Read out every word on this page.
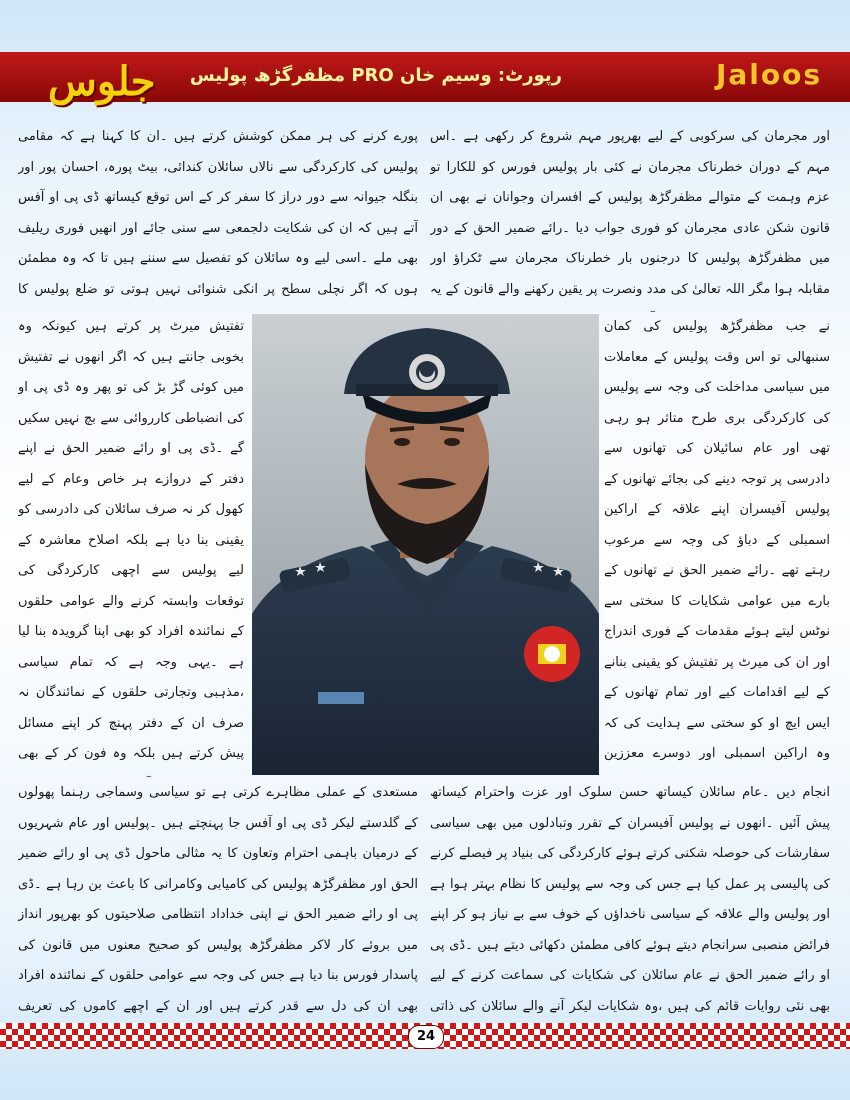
جلوس رپورٹ: وسیم خان PRO مظفرگڑھ پولیس	Jaloos

اور مجرمان کی سرکوبی کے لیے بھرپور مہم شروع کر رکھی ہے ۔اس مہم کے دوران خطرناک مجرمان نے کئی بار پولیس فورس کو للکارا تو عزم وہمت کے متوالے مظفرگڑھ پولیس کے افسران وجوانان نے بھی ان قانون شکن عادی مجرمان کو فوری جواب دیا ۔رائے ضمیر الحق کے دور میں مظفرگڑھ پولیس کا درجنوں بار خطرناک مجرمان سے ٹکراؤ اور مقابلہ ہوا مگر اللہ تعالیٰ کی مدد ونصرت پر یقین رکھنے والے قانون کے یہ

نے جب مظفرگڑھ پولیس کی کمان سنبھالی تو اس وقت پولیس کے معاملات میں سیاسی مداخلت کی وجہ سے پولیس کی کارکردگی بری طرح متاثر ہو رہی تھی اور عام سائیلان کی تھانوں سے دادرسی پر توجہ دینے کی بجائے تھانوں کے پولیس آفیسران اپنے علاقہ کے اراکین اسمبلی کے دباؤ کی وجہ سے مرعوب رہتے تھے ۔رائے ضمیر الحق نے تھانوں کے بارے میں عوامی شکایات کا سختی سے نوٹس لیتے ہوئے مقدمات کے فوری اندراج اور ان کی میرٹ پر تفتیش کو یقینی بنانے کے لیے اقدامات کیے اور تمام تھانوں کے ایس ایچ او کو سختی سے ہدایت کی کہ وہ اراکین اسمبلی اور دوسرے معززین

انجام دیں ۔عام سائلان کیساتھ حسن سلوک اور عزت واحترام کیساتھ پیش آئیں ۔انھوں نے پولیس آفیسران کے تقرر وتبادلوں میں بھی سیاسی سفارشات کی حوصلہ شکنی کرتے ہوئے کارکردگی کی بنیاد پر فیصلے کرنے کی پالیسی پر عمل کیا ہے جس کی وجہ سے پولیس کا نظام بہتر ہوا ہے اور پولیس والے علاقہ کے سیاسی ناخداؤں کے خوف سے بے نیاز ہو کر اپنے فرائض منصبی سرانجام دیتے ہوئے کافی مطمئن دکھائی دیتے ہیں ۔ڈی پی او رائے ضمیر الحق نے عام سائلان کی شکایات کی سماعت کرنے کے لیے بھی نئی روایات قائم کی ہیں ،وہ شکایات لیکر آنے والے سائلان کی ذاتی

پورے کرنے کی ہر ممکن کوشش کرتے ہیں ۔ان کا کہنا ہے کہ مقامی پولیس کی کارکردگی سے نالاں سائلان کندائی، بیٹ پورہ، احسان پور اور بنگلہ جیوانہ سے دور دراز کا سفر کر کے اس توقع کیساتھ ڈی پی او آفس آتے ہیں کہ ان کی شکایت دلجمعی سے سنی جائے اور انھیں فوری ریلیف بھی ملے ۔اسی لیے وہ سائلان کو تفصیل سے سننے ہیں تا کہ وہ مطمئن ہوں کہ اگر نچلی سطح پر انکی شنوائی نہیں ہوتی تو ضلع پولیس کا

تفتیش میرٹ پر کرتے ہیں کیونکہ وہ بخوبی جانتے ہیں کہ اگر انھوں نے تفتیش میں کوئی گڑ بڑ کی تو پھر وہ ڈی پی او کی انضباطی کارروائی سے بچ نہیں سکیں گے ۔ڈی پی او رائے ضمیر الحق نے اپنے دفتر کے دروازے ہر خاص وعام کے لیے کھول کر نہ صرف سائلان کی دادرسی کو یقینی بنا دیا ہے بلکہ اصلاح معاشرہ کے لیے پولیس سے اچھی کارکردگی کی توقعات وابستہ کرنے والے عوامی حلقوں کے نمائندہ افراد کو بھی اپنا گرویدہ بنا لیا ہے ۔یہی وجہ ہے کہ تمام سیاسی ،مذہبی وتجارتی حلقوں کے نمائندگان نہ صرف ان کے دفتر پہنچ کر اپنے مسائل پیش کرتے ہیں بلکہ وہ فون کر کے بھی

مستعدی کے عملی مظاہرے کرتی ہے تو سیاسی وسماجی رہنما پھولوں کے گلدستے لیکر ڈی پی او آفس جا پہنچتے ہیں ۔پولیس اور عام شہریوں کے درمیان باہمی احترام وتعاون کا یہ مثالی ماحول ڈی پی او رائے ضمیر الحق اور مظفرگڑھ پولیس کی کامیابی وکامرانی کا باعث بن رہا ہے ۔ڈی پی او رائے ضمیر الحق نے اپنی خداداد انتظامی صلاحیتوں کو بھرپور انداز میں بروئے کار لاکر مظفرگڑھ پولیس کو صحیح معنوں میں قانون کی پاسدار فورس بنا دیا ہے جس کی وجہ سے عوامی حلقوں کے نمائندہ افراد بھی ان کی دل سے قدر کرتے ہیں اور ان کے اچھے کاموں کی تعریف

24
